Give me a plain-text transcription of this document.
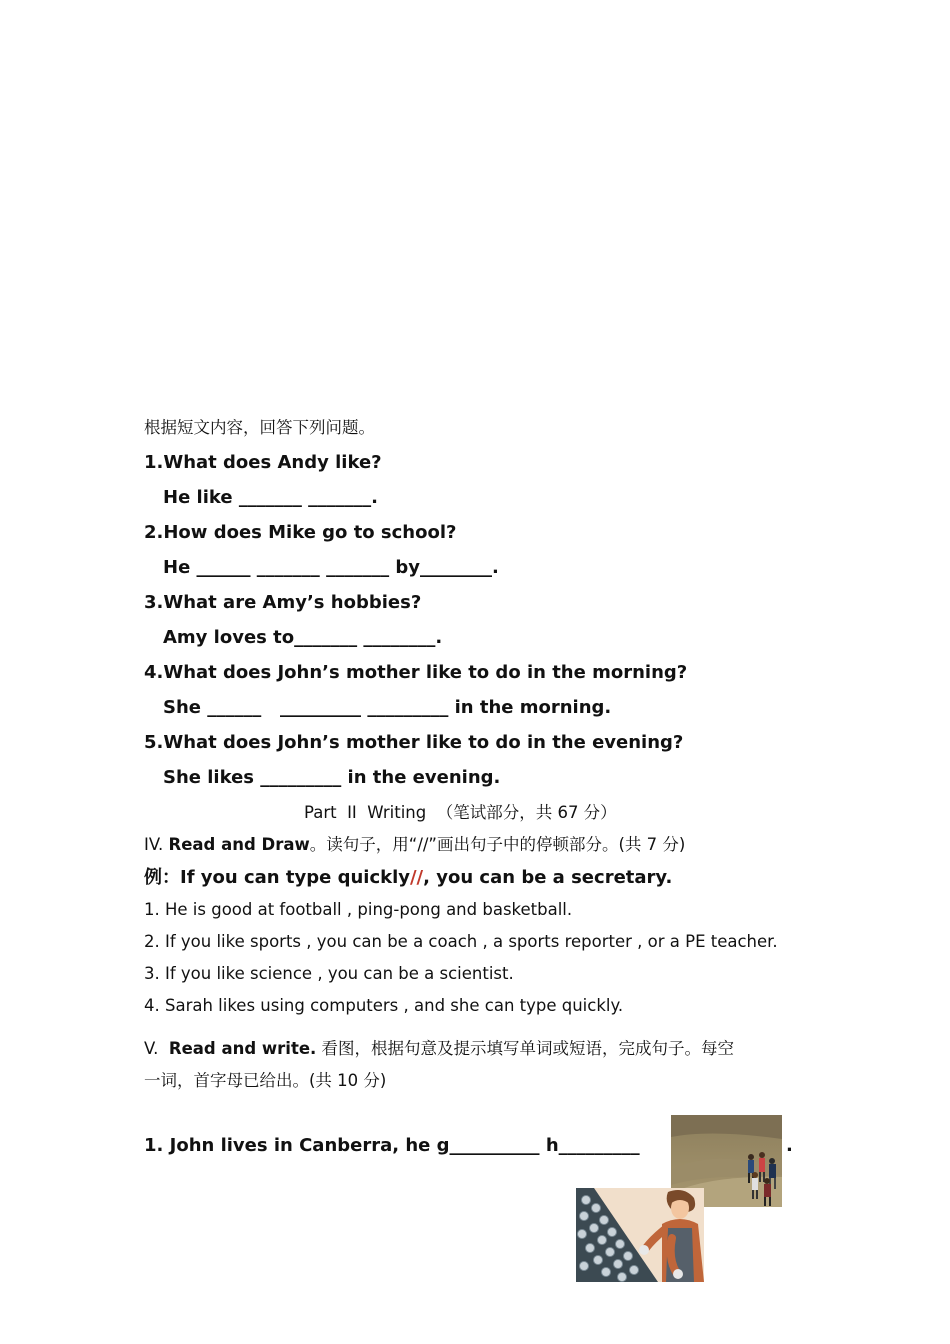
根据短文内容，回答下列问题。
1.What does Andy like?
He like _______ _______.
2.How does Mike go to school?
He ______ _______ _______ by________.
3.What are Amy’s hobbies?
Amy loves to_______ ________.
4.What does John’s mother like to do in the morning?
She ______   _________ _________ in the morning.
5.What does John’s mother like to do in the evening?
She likes _________ in the evening.
Part  II  Writing  （笔试部分，共 67 分）
IV. Read and Draw。读句子，用“//”画出句子中的停顿部分。(共 7 分)
例：If you can type quickly//, you can be a secretary.
1. He is good at football , ping-pong and basketball.
2. If you like sports , you can be a coach , a sports reporter , or a PE teacher.
3. If you like science , you can be a scientist.
4. Sarah likes using computers , and she can type quickly.
V.  Read and write. 看图，根据句意及提示填写单词或短语，完成句子。每空
一词，首字母已给出。(共 10 分)
1. John lives in Canberra, he g__________ h_________	.
